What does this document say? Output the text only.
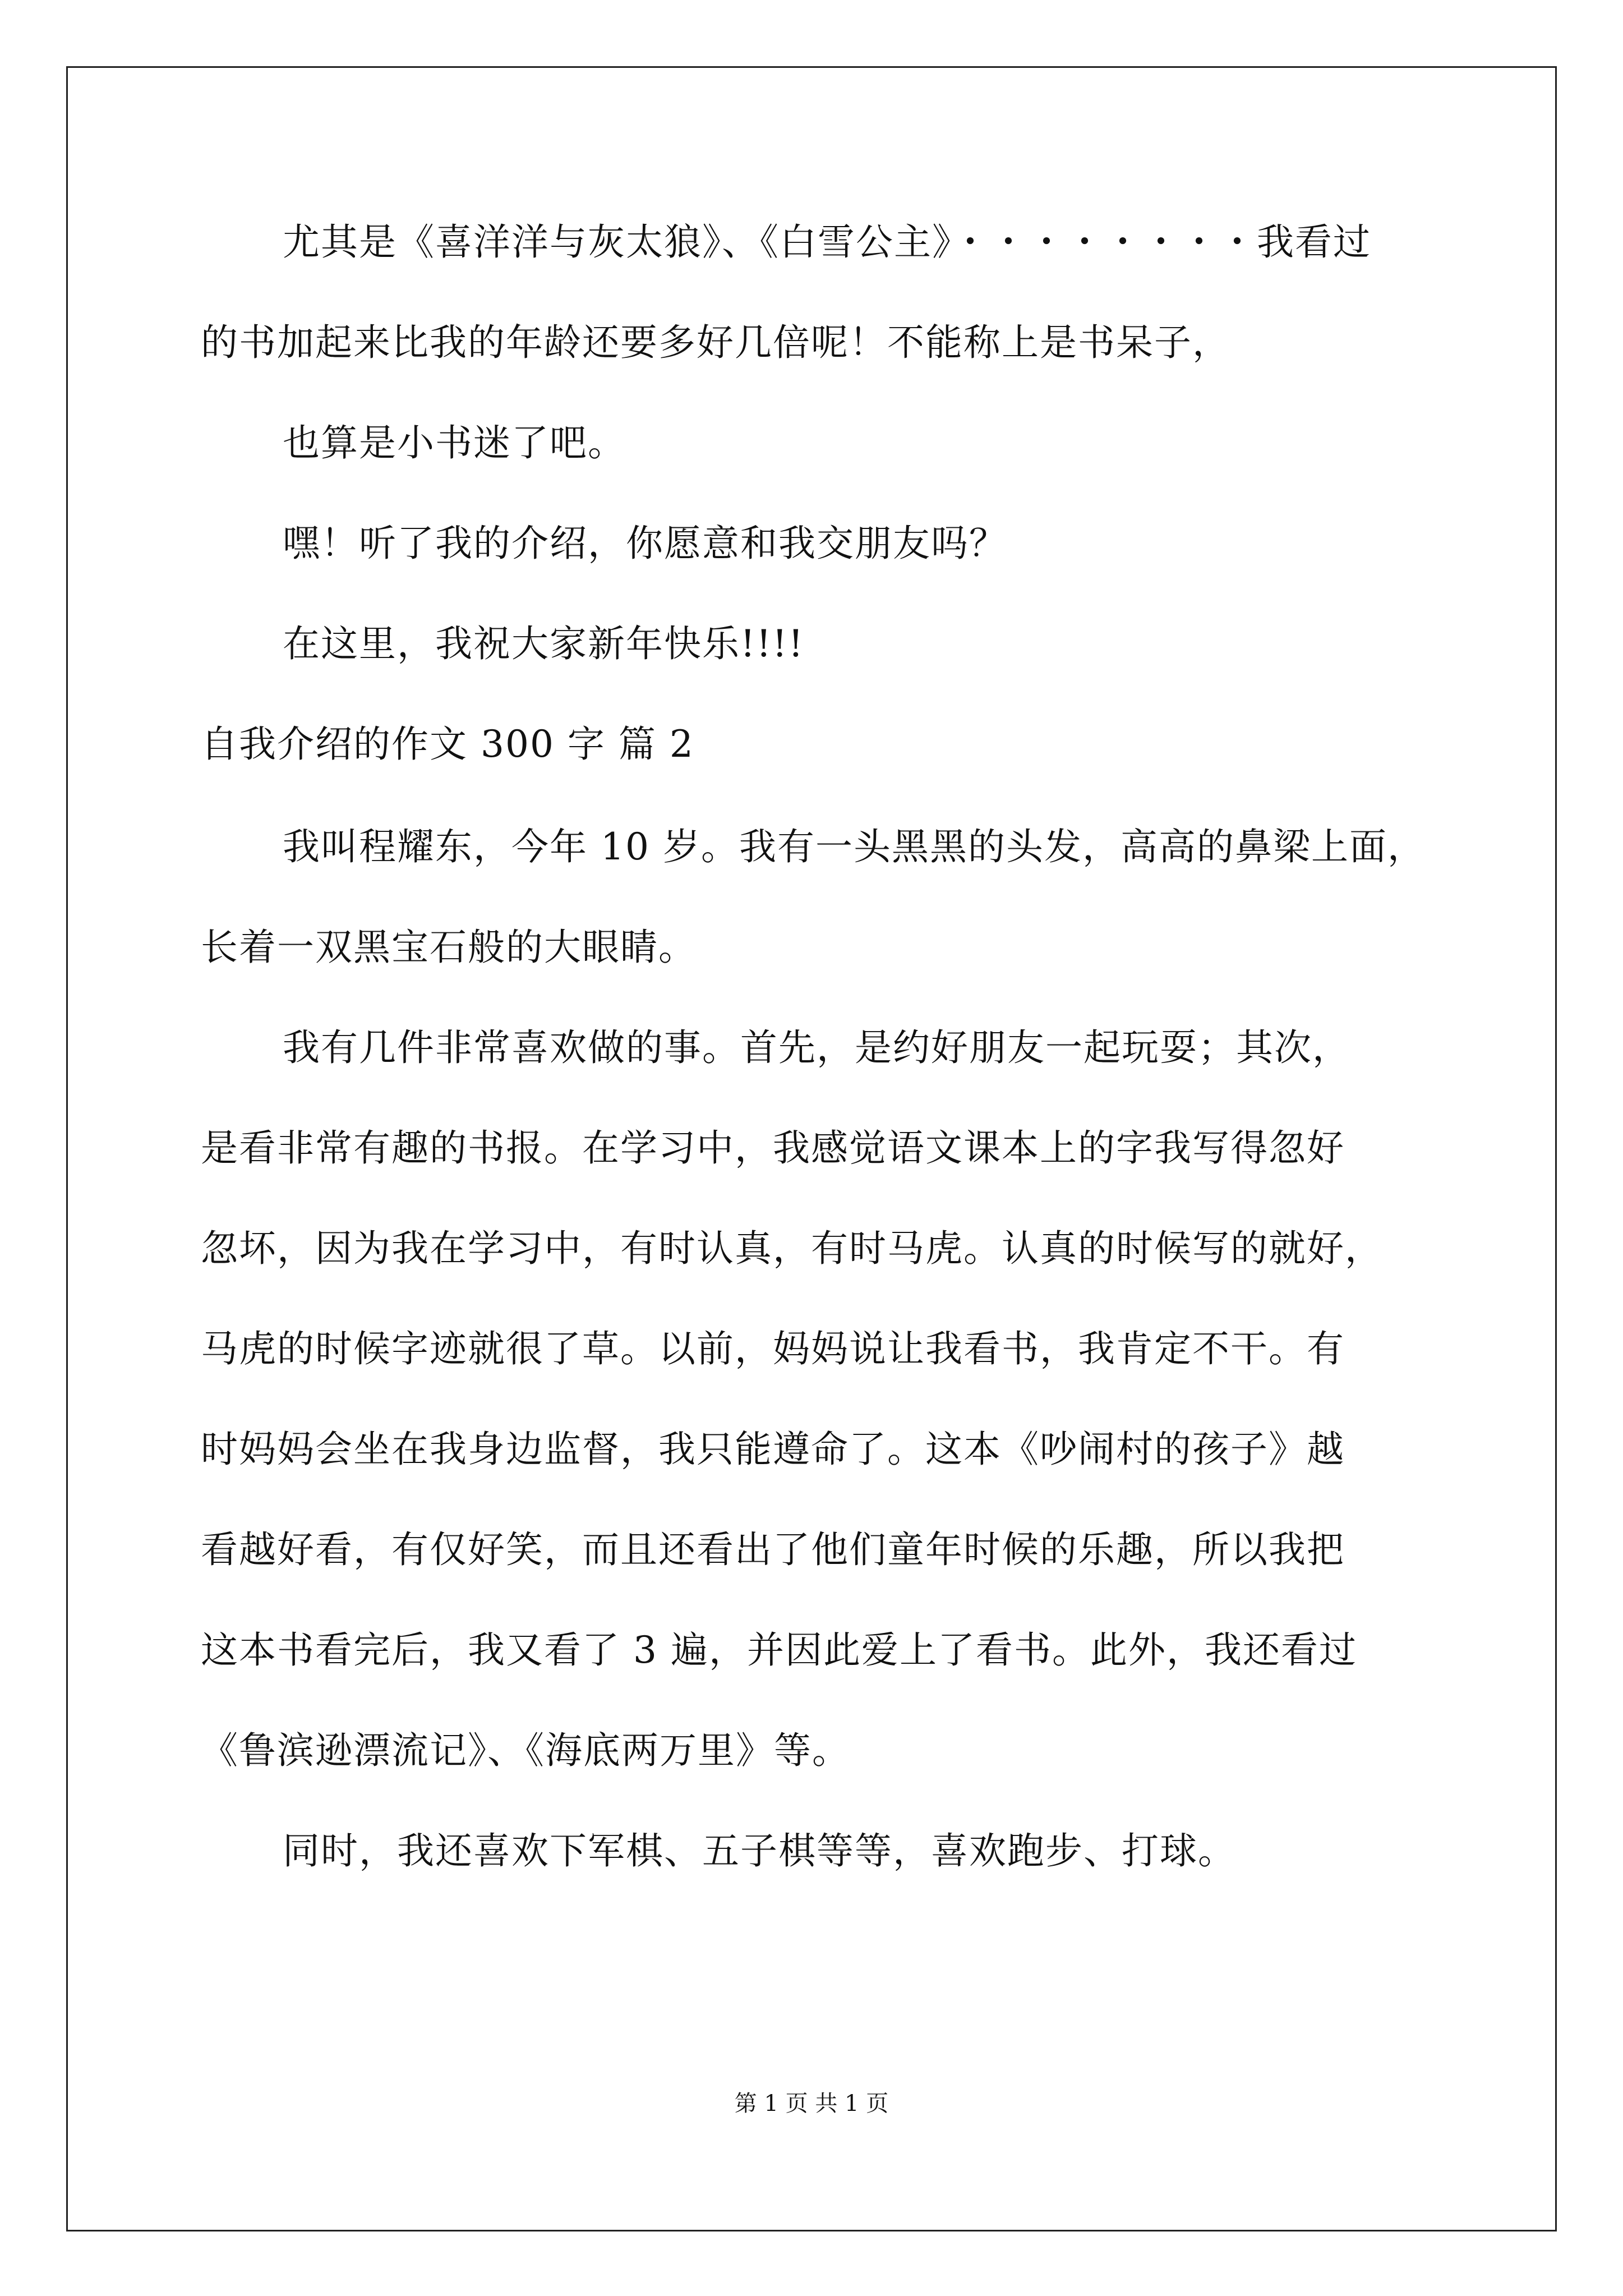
尤其是《喜洋洋与灰太狼》、《白雪公主》・・・・・・・・我看过
的书加起来比我的年龄还要多好几倍呢！不能称上是书呆子，
也算是小书迷了吧。
嘿！听了我的介绍，你愿意和我交朋友吗？
在这里，我祝大家新年快乐!!!!
自我介绍的作文 300 字 篇 2
我叫程耀东，今年 10 岁。我有一头黑黑的头发，高高的鼻梁上面，
长着一双黑宝石般的大眼睛。
我有几件非常喜欢做的事。首先，是约好朋友一起玩耍；其次，
是看非常有趣的书报。在学习中，我感觉语文课本上的字我写得忽好
忽坏，因为我在学习中，有时认真，有时马虎。认真的时候写的就好，
马虎的时候字迹就很了草。以前，妈妈说让我看书，我肯定不干。有
时妈妈会坐在我身边监督，我只能遵命了。这本《吵闹村的孩子》越
看越好看，有仅好笑，而且还看出了他们童年时候的乐趣，所以我把
这本书看完后，我又看了 3 遍，并因此爱上了看书。此外，我还看过
《鲁滨逊漂流记》、《海底两万里》等。
同时，我还喜欢下军棋、五子棋等等，喜欢跑步、打球。
第 1 页 共 1 页
